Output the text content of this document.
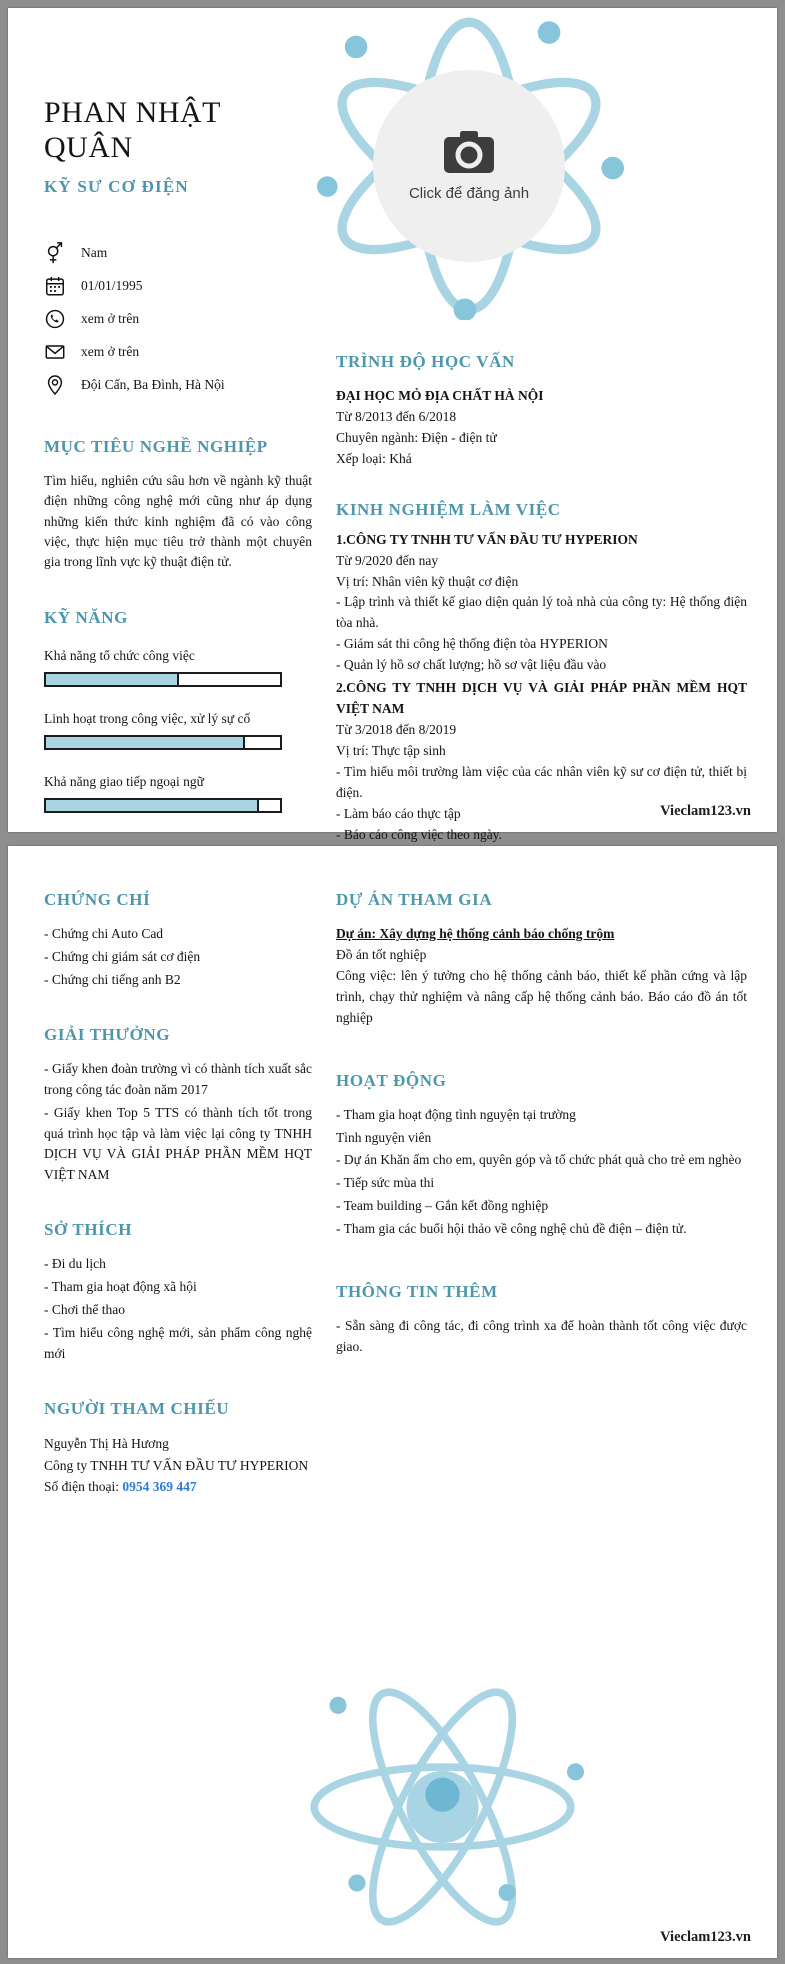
Click để đăng ảnh
PHAN NHẬT QUÂN
KỸ SƯ CƠ ĐIỆN
Nam
01/01/1995
xem ở trên
xem ở trên
Đội Cấn, Ba Đình, Hà Nội
MỤC TIÊU NGHỀ NGHIỆP
Tìm hiểu, nghiên cứu sâu hơn về ngành kỹ thuật điện những công nghệ mới cũng như áp dụng những kiến thức kinh nghiệm đã có vào công việc, thực hiện mục tiêu trở thành một chuyên gia trong lĩnh vực kỹ thuật điện tử.
KỸ NĂNG
Khả năng tổ chức công việc
Linh hoạt trong công việc, xử lý sự cố
Khả năng giao tiếp ngoại ngữ
TRÌNH ĐỘ HỌC VẤN
ĐẠI HỌC MỎ ĐỊA CHẤT HÀ NỘI
Từ 8/2013 đến 6/2018
Chuyên ngành: Điện - điện tử
Xếp loại: Khá
KINH NGHIỆM LÀM VIỆC
1.CÔNG TY TNHH TƯ VẤN ĐẦU TƯ HYPERION
Từ 9/2020 đến nay
Vị trí: Nhân viên kỹ thuật cơ điện
- Lập trình và thiết kế giao diện quản lý toà nhà của công ty: Hệ thống điện tòa nhà.
- Giám sát thi công hệ thống điện tòa HYPERION
- Quản lý hồ sơ chất lượng; hồ sơ vật liệu đầu vào
2.CÔNG TY TNHH DỊCH VỤ VÀ GIẢI PHÁP PHẦN MỀM HQT VIỆT NAM
Từ 3/2018 đến 8/2019
Vị trí: Thực tập sinh
- Tìm hiểu môi trường làm việc của các nhân viên kỹ sư cơ điện tử, thiết bị điện.
- Làm báo cáo thực tập
- Báo cáo công việc theo ngày.
Vieclam123.vn
CHỨNG CHỈ
- Chứng chi Auto Cad
- Chứng chi giám sát cơ điện
- Chứng chi tiếng anh B2
GIẢI THƯỞNG
- Giấy khen đoàn trường vì có thành tích xuất sắc trong công tác đoàn năm 2017
- Giấy khen Top 5 TTS có thành tích tốt trong quá trình học tập và làm việc lại công ty TNHH DỊCH VỤ VÀ GIẢI PHÁP PHẦN MỀM HQT VIỆT NAM
SỞ THÍCH
- Đi du lịch
- Tham gia hoạt động xã hội
- Chơi thể thao
- Tìm hiểu công nghệ mới, sản phẩm công nghệ mới
NGƯỜI THAM CHIẾU
Nguyễn Thị Hà Hương
Công ty TNHH TƯ VẤN ĐẦU TƯ HYPERION
Số điện thoại: 0954 369 447
DỰ ÁN THAM GIA
Dự án: Xây dựng hệ thống cảnh báo chống trộm
Đồ án tốt nghiệp
Công việc: lên ý tưởng cho hệ thống cảnh báo, thiết kế phần cứng và lập trình, chạy thử nghiệm và nâng cấp hệ thống cảnh báo. Báo cáo đồ án tốt nghiệp
HOẠT ĐỘNG
- Tham gia hoạt động tình nguyện tại trường
Tình nguyện viên
- Dự án Khăn ấm cho em, quyên góp và tổ chức phát quà cho trẻ em nghèo
- Tiếp sức mùa thi
- Team building – Gắn kết đồng nghiệp
- Tham gia các buổi hội thảo về công nghệ chủ đề điện – điện tử.
THÔNG TIN THÊM
- Sẵn sàng đi công tác, đi công trình xa để hoàn thành tốt công việc được giao.
Vieclam123.vn
